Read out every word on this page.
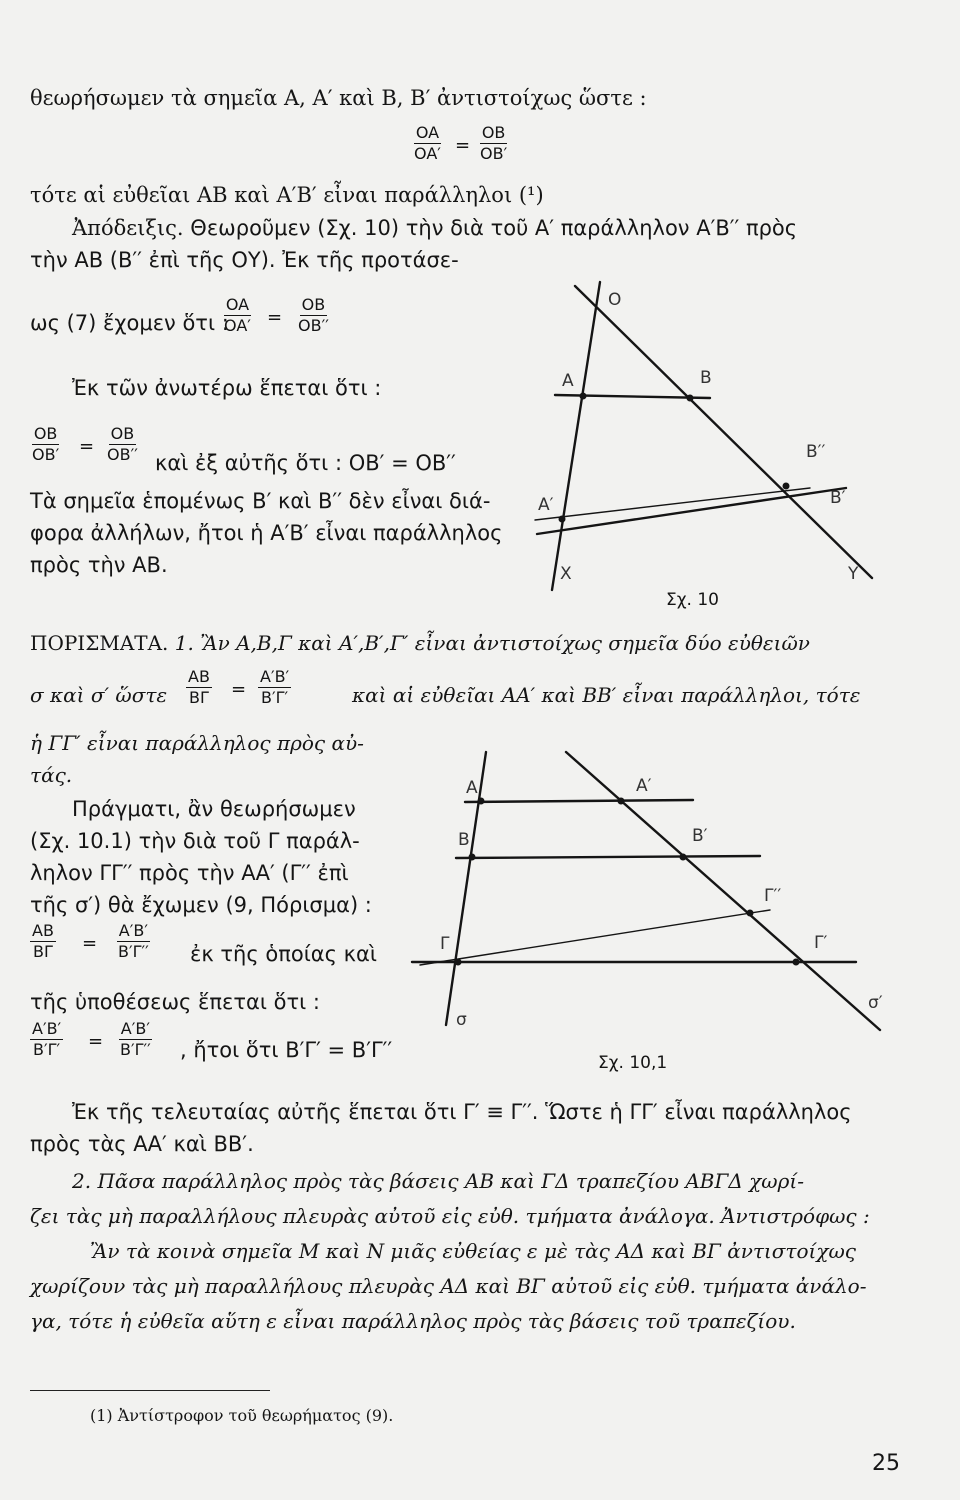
θεωρήσωμεν τὰ σημεῖα Α, Α′ καὶ Β, Β′ ἀντιστοίχως ὥστε :
$\frac{OA}{OA'} = \frac{OB}{OB'}$
τότε αἱ εὐθεῖαι ΑΒ καὶ Α′Β′ εἶναι παράλληλοι (¹)
Ἀπόδειξις. Θεωροῦμεν (Σχ. 10) τὴν διὰ τοῦ Α′ παράλληλον Α′Β′′ πρὸς
τὴν ΑΒ (Β′′ ἐπὶ τῆς ΟΥ). Ἐκ τῆς προτάσε-
ως (7) ἔχομεν ὅτι :
$\frac{OA}{OA'} = \frac{OB}{OB''}$
Ἐκ τῶν ἀνωτέρω ἕπεται ὅτι :
$\frac{OB}{OB'} = \frac{OB}{OB''}$ καὶ ἐξ αὐτῆς ὅτι : ΟΒ′ = ΟΒ′′
Τὰ σημεῖα ἑπομένως Β′ καὶ Β′′ δὲν εἶναι διά-
φορα ἀλλήλων, ἤτοι ἡ Α′Β′ εἶναι παράλληλος
πρὸς τὴν ΑΒ.
O
A	B
B′′
B′
A′
X	Y
Σχ. 10
ΠΟΡΙΣΜΑΤΑ. 1. Ἂν Α,Β,Γ καὶ Α′,Β′,Γ′ εἶναι ἀντιστοίχως σημεῖα δύο εὐθειῶν
σ καὶ σ′ ὥστε $\frac{AB}{B\Gamma} = \frac{A'B'}{B'\Gamma'}$	καὶ αἱ εὐθεῖαι ΑΑ′ καὶ ΒΒ′ εἶναι παράλληλοι, τότε
ἡ ΓΓ′ εἶναι παράλληλος πρὸς αὐ-
τάς.
Πράγματι, ἂν θεωρήσωμεν
(Σχ. 10.1) τὴν διὰ τοῦ Γ παράλ-
ληλον ΓΓ′′ πρὸς τὴν ΑΑ′ (Γ′′ ἐπὶ
τῆς σ′) θὰ ἔχωμεν (9, Πόρισμα) :
$\frac{AB}{B\Gamma} = \frac{A'B'}{B'\Gamma''}$ ἐκ τῆς ὁποίας καὶ
τῆς ὑποθέσεως ἕπεται ὅτι :
$\frac{A'B'}{B'\Gamma'} = \frac{A'B'}{B'\Gamma''}$ , ἤτοι ὅτι Β′Γ′ = Β′Γ′′
A	A′
B	B′
Γ′′
Γ	Γ′
σ
σ′
Σχ. 10,1
Ἐκ τῆς τελευταίας αὐτῆς ἕπεται ὅτι Γ′ ≡ Γ′′. Ὥστε ἡ ΓΓ′ εἶναι παράλληλος
πρὸς τὰς ΑΑ′ καὶ ΒΒ′.
2. Πᾶσα παράλληλος πρὸς τὰς βάσεις ΑΒ καὶ ΓΔ τραπεζίου ΑΒΓΔ χωρί-
ζει τὰς μὴ παραλλήλους πλευρὰς αὐτοῦ εἰς εὐθ. τμήματα ἀνάλογα. Ἀντιστρόφως :
Ἂν τὰ κοινὰ σημεῖα Μ καὶ Ν μιᾶς εὐθείας ε μὲ τὰς ΑΔ καὶ ΒΓ ἀντιστοίχως
χωρίζουν τὰς μὴ παραλλήλους πλευρὰς ΑΔ καὶ ΒΓ αὐτοῦ εἰς εὐθ. τμήματα ἀνάλο-
γα, τότε ἡ εὐθεῖα αὕτη ε εἶναι παράλληλος πρὸς τὰς βάσεις τοῦ τραπεζίου.
(1) Ἀντίστροφον τοῦ θεωρήματος (9).
25
